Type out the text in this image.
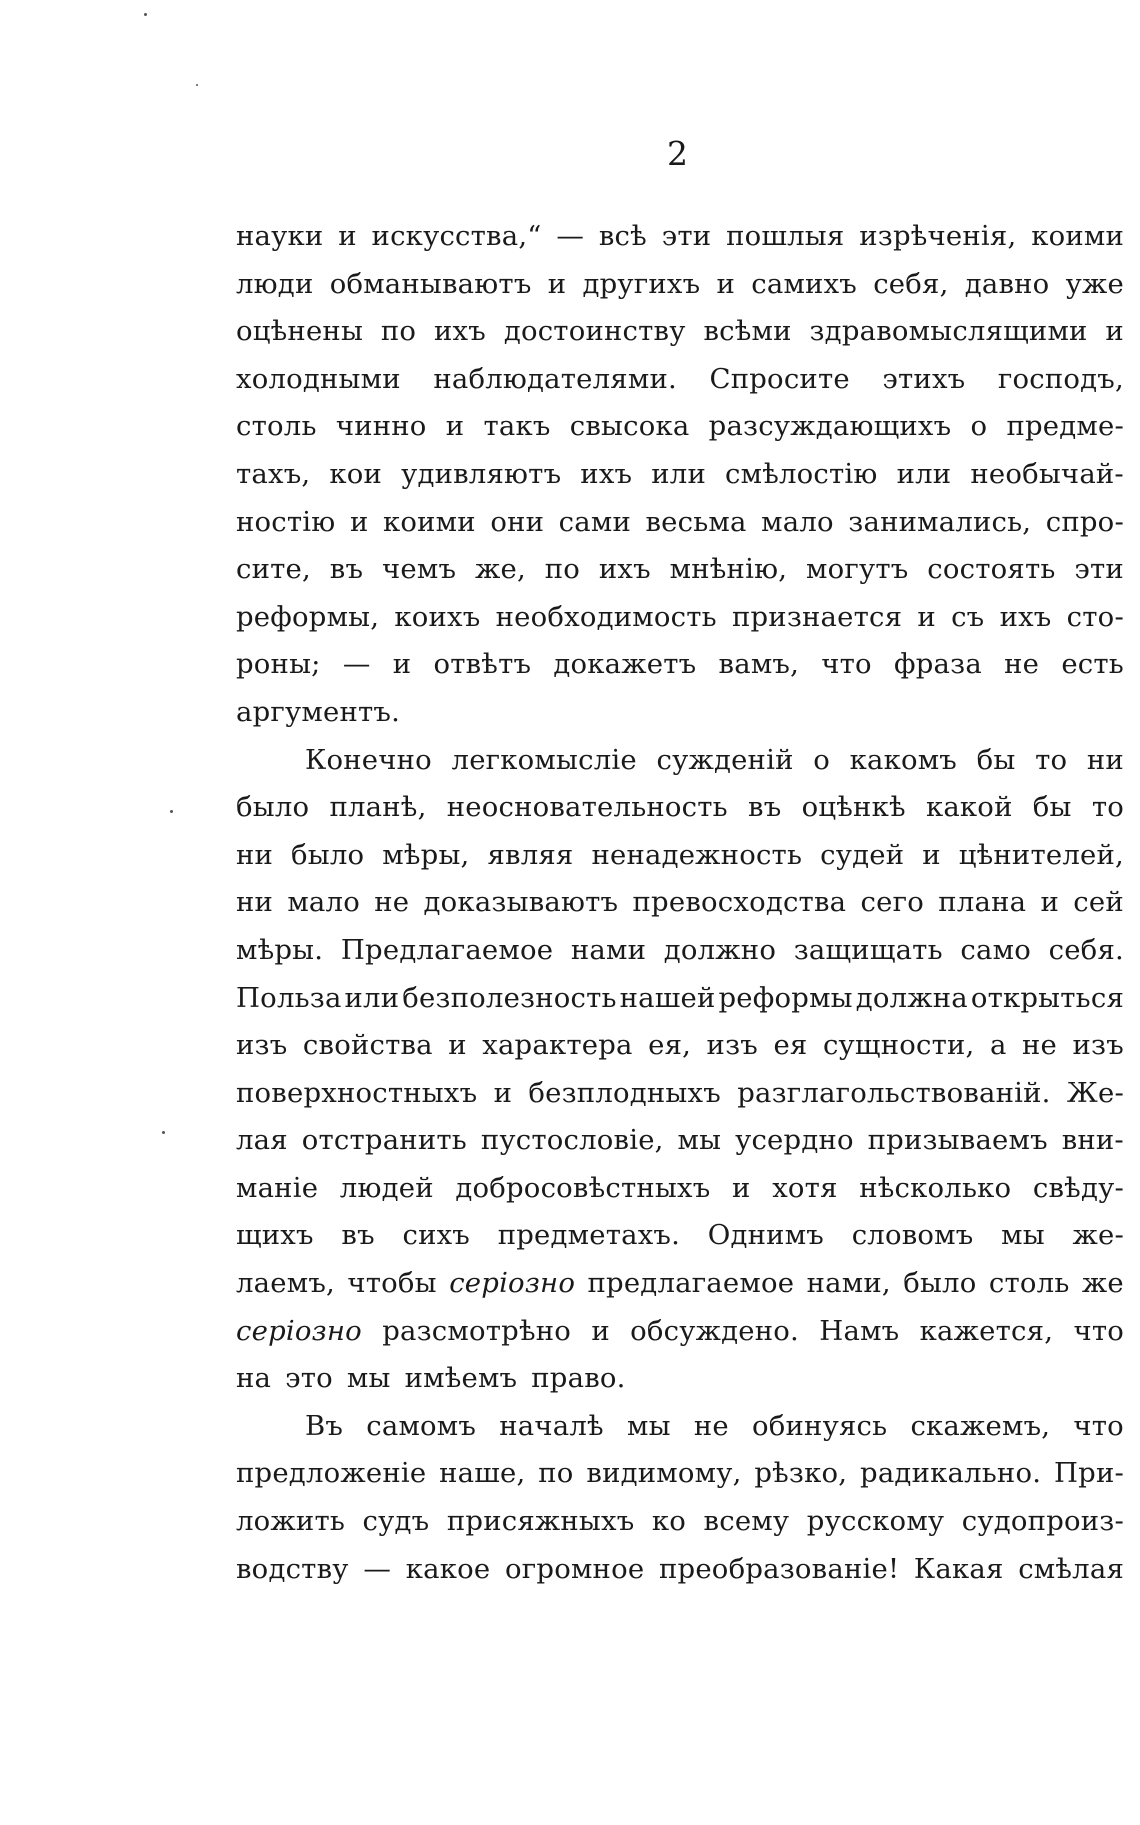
2
науки и искусства,“ — всѣ эти пошлыя изрѣченія, коими
люди обманываютъ и другихъ и самихъ себя, давно уже
оцѣнены по ихъ достоинству всѣми здравомыслящими и
холодными наблюдателями. Спросите этихъ господъ,
столь чинно и такъ свысока разсуждающихъ о предме-
тахъ, кои удивляютъ ихъ или смѣлостію или необычай-
ностію и коими они сами весьма мало занимались, спро-
сите, въ чемъ же, по ихъ мнѣнію, могутъ состоять эти
реформы, коихъ необходимость признается и съ ихъ сто-
роны; — и отвѣтъ докажетъ вамъ, что фраза не есть
аргументъ.
Конечно легкомысліе сужденій о какомъ бы то ни
было планѣ, неосновательность въ оцѣнкѣ какой бы то
ни было мѣры, являя ненадежность судей и цѣнителей,
ни мало не доказываютъ превосходства сего плана и сей
мѣры. Предлагаемое нами должно защищать само себя.
Польза или безполезность нашей реформы должна открыться
изъ свойства и характера ея, изъ ея сущности, а не изъ
поверхностныхъ и безплодныхъ разглагольствованій. Же-
лая отстранить пустословіе, мы усердно призываемъ вни-
маніе людей добросовѣстныхъ и хотя нѣсколько свѣду-
щихъ въ сихъ предметахъ. Однимъ словомъ мы же-
лаемъ, чтобы серіозно предлагаемое нами, было столь же
серіозно разсмотрѣно и обсуждено. Намъ кажется, что
на это мы имѣемъ право.
Въ самомъ началѣ мы не обинуясь скажемъ, что
предложеніе наше, по видимому, рѣзко, радикально. При-
ложить судъ присяжныхъ ко всему русскому судопроиз-
водству — какое огромное преобразованіе! Какая смѣлая
